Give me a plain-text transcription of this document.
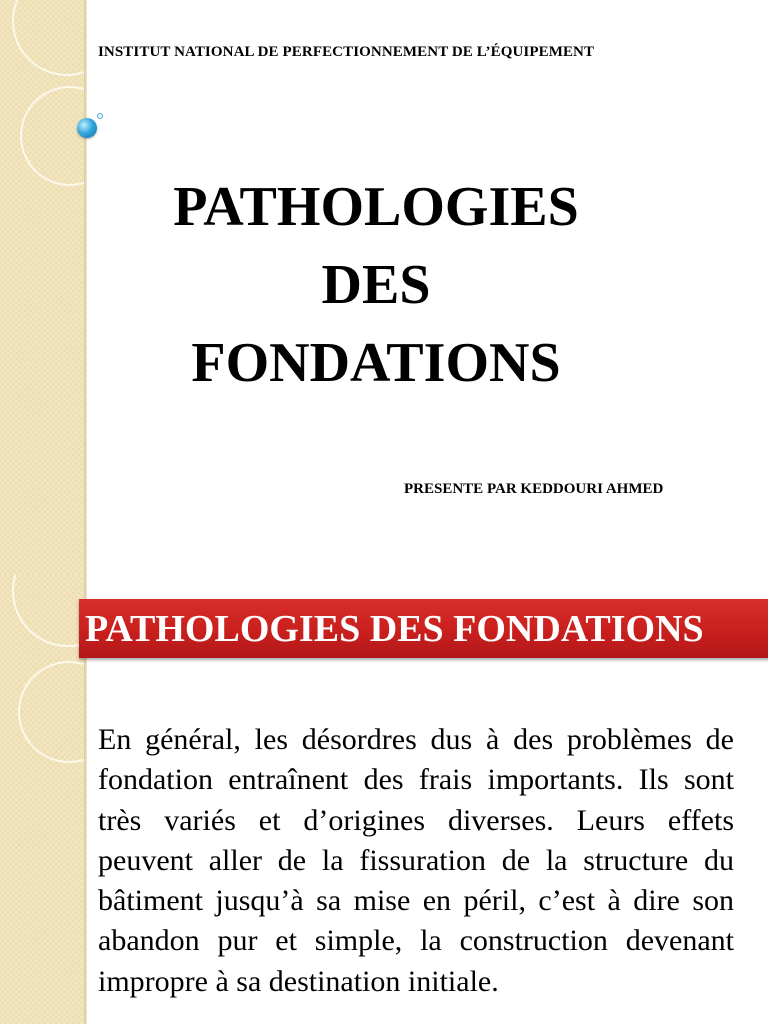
INSTITUT NATIONAL DE PERFECTIONNEMENT DE L’ÉQUIPEMENT
PATHOLOGIES
DES
FONDATIONS
PRESENTE PAR KEDDOURI AHMED
PATHOLOGIES DES FONDATIONS

En général, les désordres dus à des problèmes de fondation entraînent des frais importants. Ils sont très variés et d’origines diverses. Leurs effets peuvent aller de la fissuration de la structure du bâtiment jusqu’à sa mise en péril, c’est à dire son abandon pur et simple, la construction devenant impropre à sa destination initiale.
